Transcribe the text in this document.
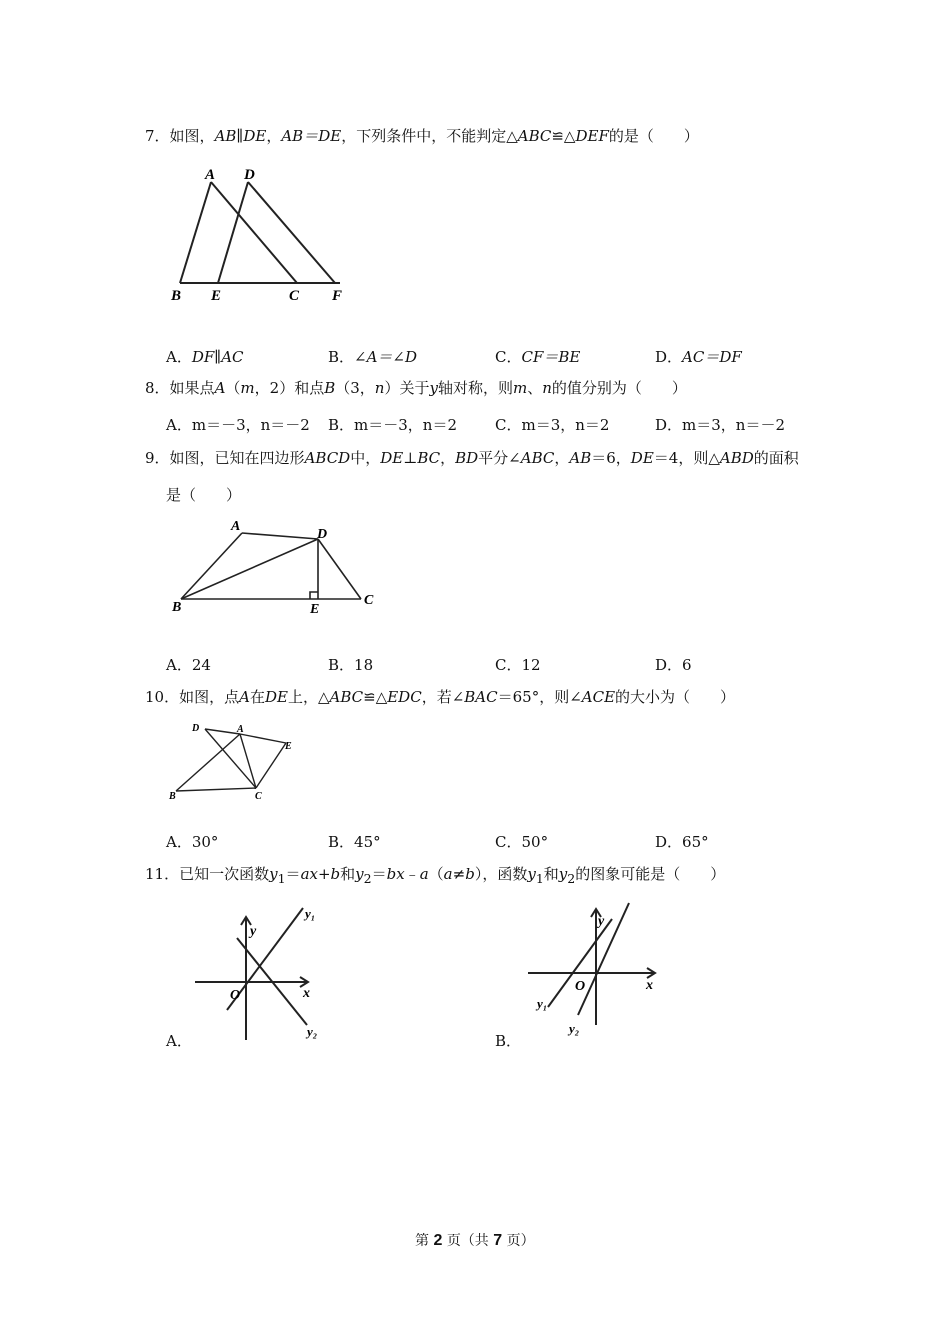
7．如图，AB∥DE，AB＝DE，下列条件中，不能判定△ABC≌△DEF的是（　　）
A D
B E	C F
A．DF∥AC	B．∠A＝∠D	C．CF＝BE	D．AC＝DF
8．如果点A（m，2）和点B（3，n）关于y轴对称，则m、n的值分别为（　　）
A．m＝－3，n＝－2 B．m＝－3，n＝2	C．m＝3，n＝2	D．m＝3，n＝－2
9．如图，已知在四边形ABCD中，DE⊥BC，BD平分∠ABC，AB＝6，DE＝4，则△ABD的面积
是（　　）
A
D
B	E
C
A．24	B．18	C．12	D．6
10．如图，点A在DE上，△ABC≌△EDC，若∠BAC＝65°，则∠ACE的大小为（　　）
D	A
E
B	C
A．30°	B．45°	C．50°	D．65°
11．已知一次函数$y_1=ax+b$和$y_2=bx﹣a(a\ne b)$，函数$y_1$和$y_2$的图象可能是（　　）
y
x
O
y₁
y₂
A．
y
x
O
y₁
y₂
B．
第 2 页（共 7 页）
